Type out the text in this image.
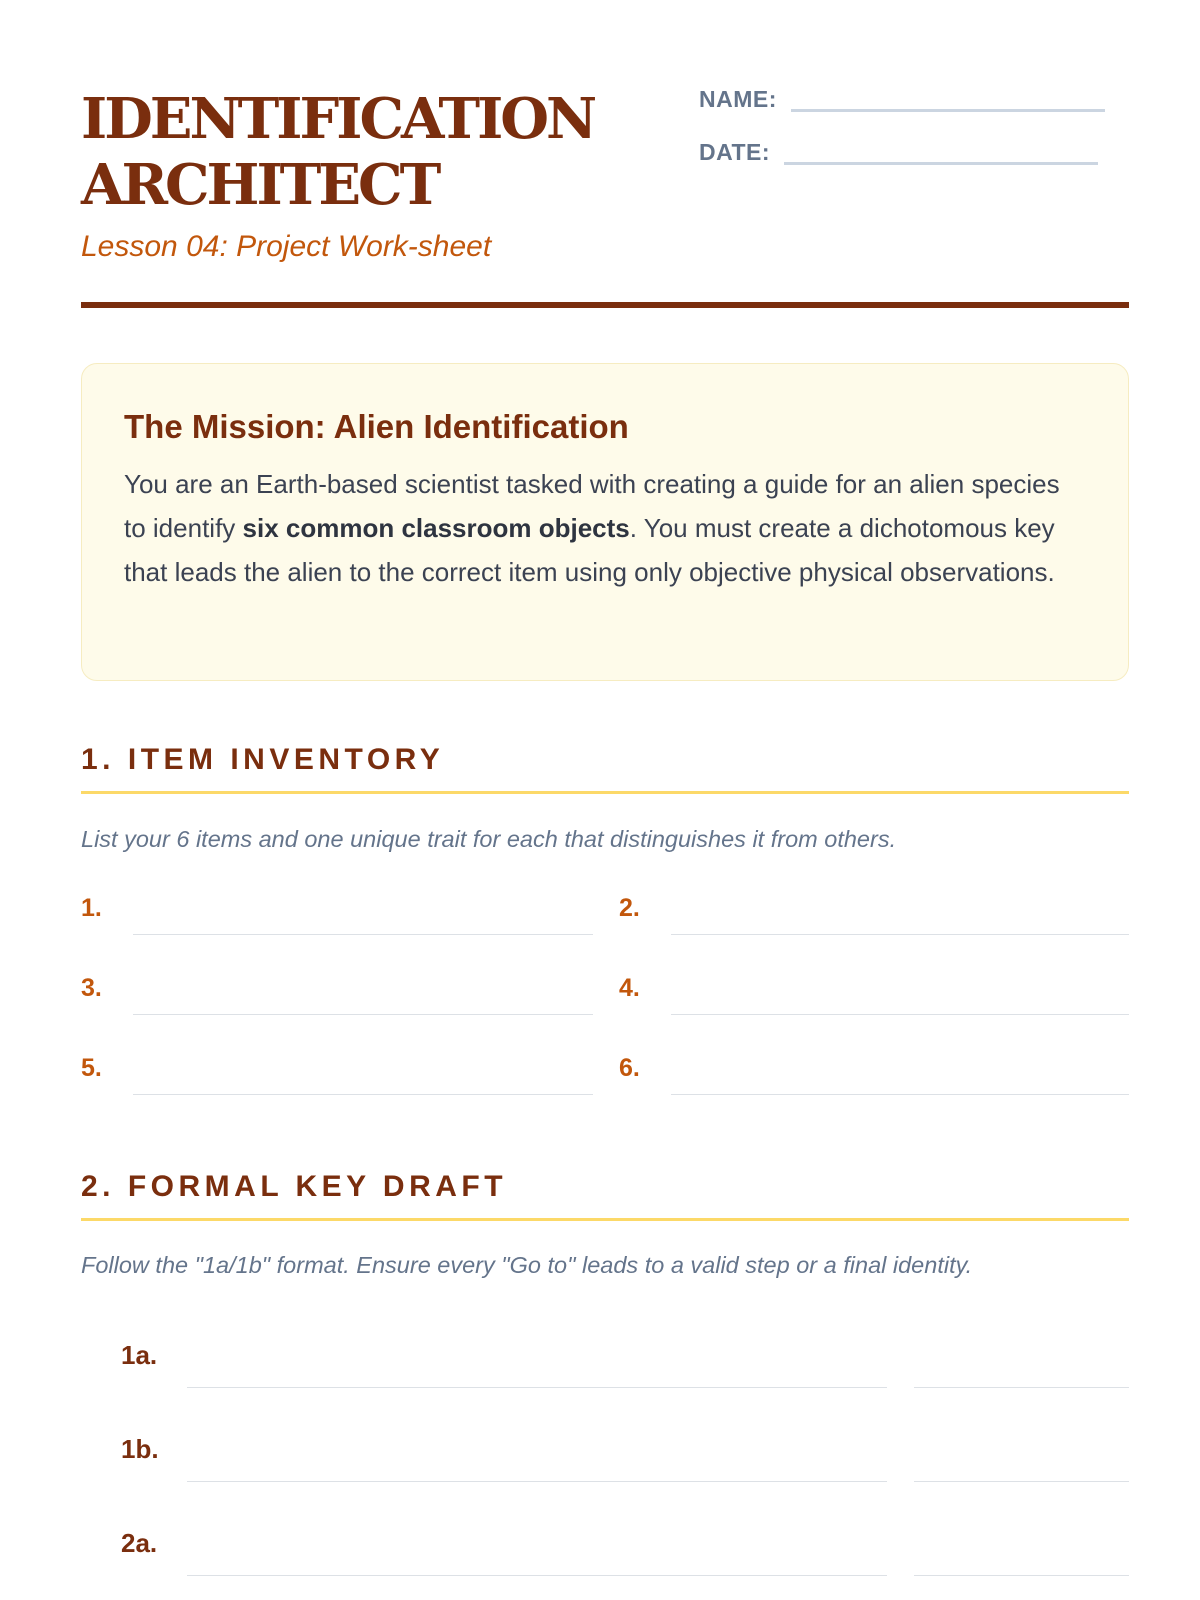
IDENTIFICATION
ARCHITECT
Lesson 04: Project Work-sheet
NAME:
DATE:
The Mission: Alien Identification
You are an Earth-based scientist tasked with creating a guide for an alien species to identify six common classroom objects. You must create a dichotomous key that leads the alien to the correct item using only objective physical observations.
1. ITEM INVENTORY
List your 6 items and one unique trait for each that distinguishes it from others.
1.	2.
3.	4.
5.	6.
2. FORMAL KEY DRAFT
Follow the "1a/1b" format. Ensure every "Go to" leads to a valid step or a final identity.
1a.
1b.
2a.
